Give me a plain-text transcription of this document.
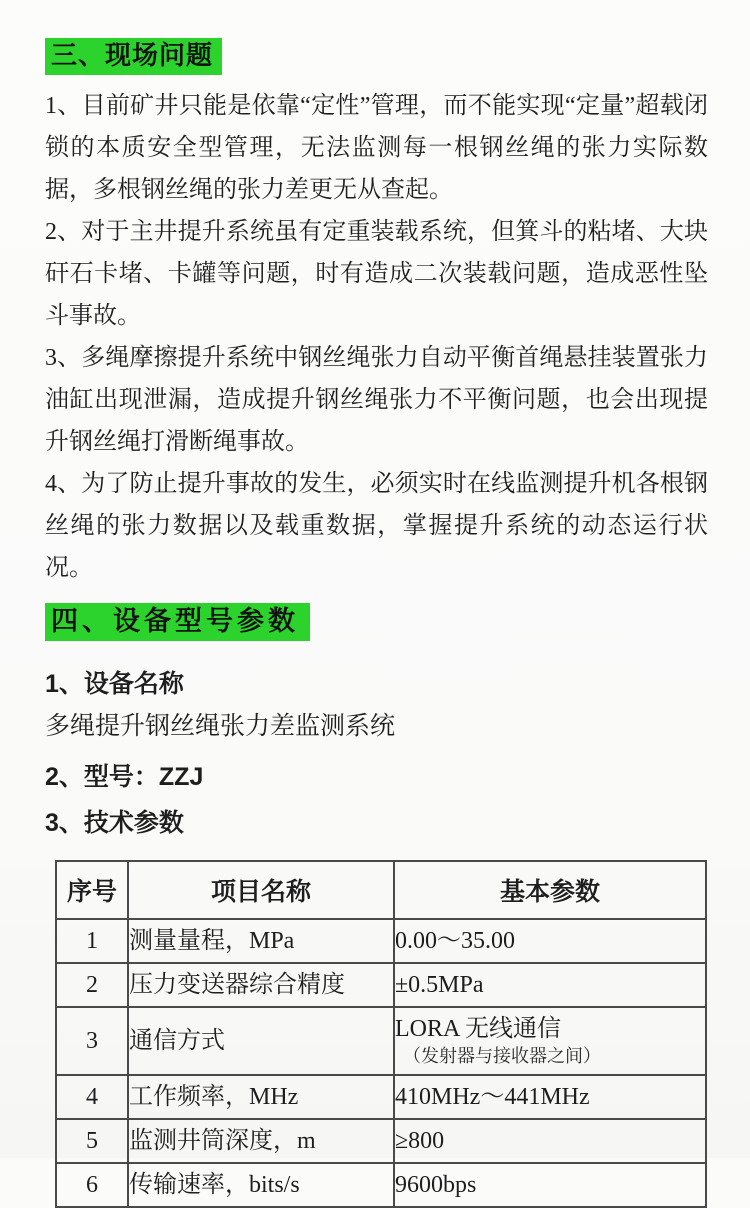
三、现场问题

1、目前矿井只能是依靠“定性”管理，而不能实现“定量”超载闭锁的本质安全型管理，无法监测每一根钢丝绳的张力实际数据，多根钢丝绳的张力差更无从查起。

2、对于主井提升系统虽有定重装载系统，但箕斗的粘堵、大块矸石卡堵、卡罐等问题，时有造成二次装载问题，造成恶性坠斗事故。

3、多绳摩擦提升系统中钢丝绳张力自动平衡首绳悬挂装置张力油缸出现泄漏，造成提升钢丝绳张力不平衡问题，也会出现提升钢丝绳打滑断绳事故。

4、为了防止提升事故的发生，必须实时在线监测提升机各根钢丝绳的张力数据以及载重数据，掌握提升系统的动态运行状况。

四、设备型号参数
1、设备名称
多绳提升钢丝绳张力差监测系统
2、型号：ZZJ
3、技术参数
序号	项目名称	基本参数
1	测量量程，MPa	0.00～35.00
2	压力变送器综合精度	±0.5MPa
3	通信方式	LORA 无线通信
（发射器与接收器之间）

4	工作频率，MHz	410MHz～441MHz
5	监测井筒深度，m	≥800
6	传输速率，bits/s	9600bps
